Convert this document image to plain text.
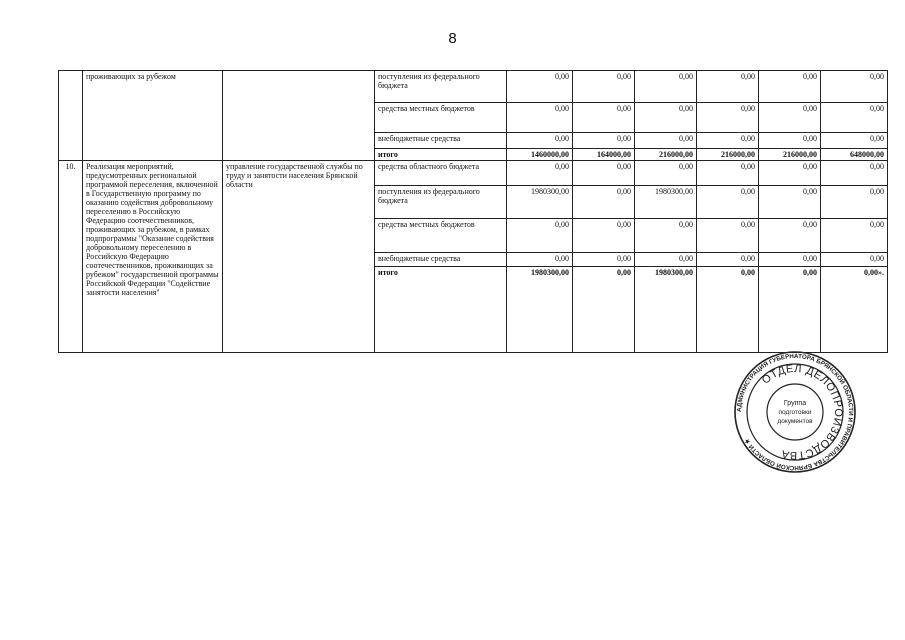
8
	проживающих за рубежом		поступления из федерального бюджета	0,00	0,00	0,00	0,00	0,00	0,00
			средства местных бюджетов	0,00	0,00	0,00	0,00	0,00	0,00
			внебюджетные средства	0,00	0,00	0,00	0,00	0,00	0,00
			итого	1460000,00	164000,00	216000,00	216000,00	216000,00	648000,00
10.	Реализация мероприятий, предусмотренных региональной программой переселения, включенной в Государственную программу по оказанию содействия добровольному переселению в Российскую Федерацию соотечественников, проживающих за рубежом, в рамках подпрограммы "Оказание содействия добровольному переселению в Российскую Федерацию соотечественников, проживающих за рубежом" государственной программы Российской Федерации "Содействие занятости населения"	управление государственной службы по труду и занятости населения Брянской области	средства областного бюджета	0,00	0,00	0,00	0,00	0,00	0,00
			поступления из федерального бюджета	1980300,00	0,00	1980300,00	0,00	0,00	0,00
			средства местных бюджетов	0,00	0,00	0,00	0,00	0,00	0,00
			внебюджетные средства	0,00	0,00	0,00	0,00	0,00	0,00
			итого	1980300,00	0,00	1980300,00	0,00	0,00	0,00».
АДМИНИСТРАЦИЯ ГУБЕРНАТОРА БРЯНСКОЙ ОБЛАСТИ И ПРАВИТЕЛЬСТВА БРЯНСКОЙ ОБЛАСТИ ★
ОТДЕЛ ДЕЛОПРОИЗВОДСТВА
Группа
подготовки
документов
